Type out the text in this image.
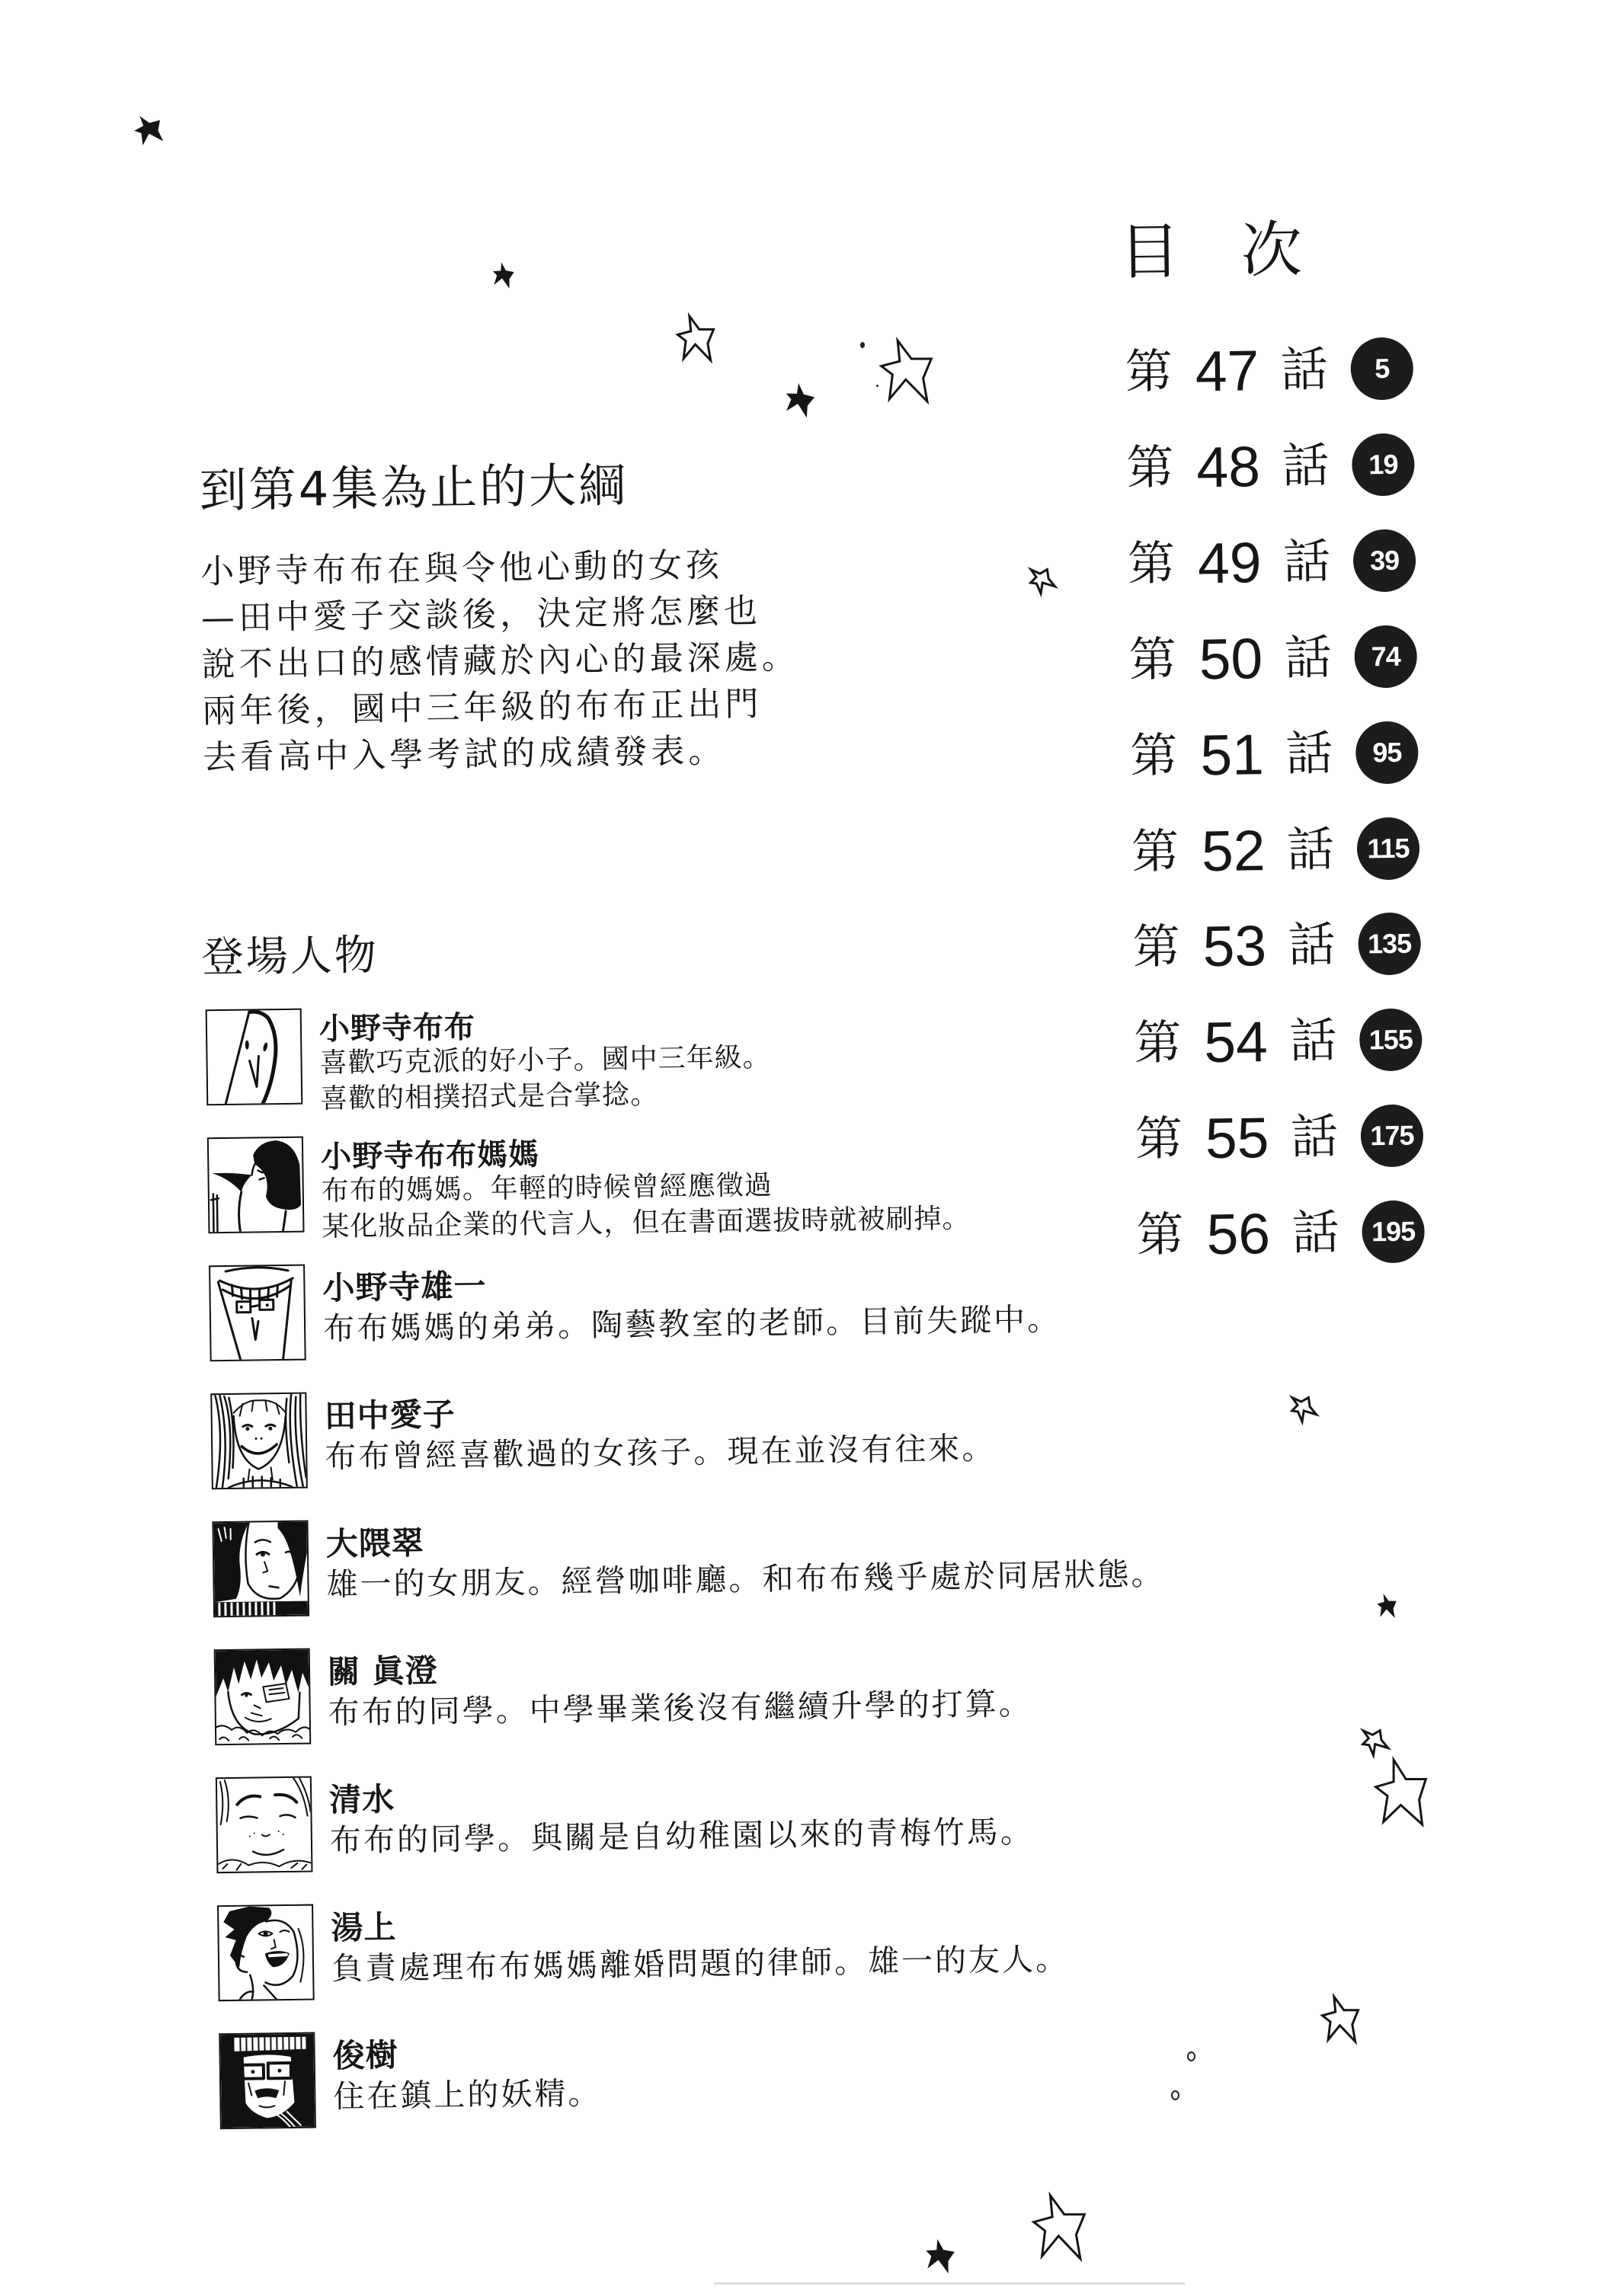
到第4集為止的大綱
小野寺布布在與令他心動的女孩
—田中愛子交談後，決定將怎麼也
說不出口的感情藏於內心的最深處。
兩年後，國中三年級的布布正出門
去看高中入學考試的成績發表。
登場人物
小野寺布布
喜歡巧克派的好小子。國中三年級。
喜歡的相撲招式是合掌捻。
小野寺布布媽媽
布布的媽媽。年輕的時候曾經應徵過
某化妝品企業的代言人，但在書面選拔時就被刷掉。
小野寺雄一
布布媽媽的弟弟。陶藝教室的老師。目前失蹤中。
田中愛子
布布曾經喜歡過的女孩子。現在並沒有往來。
大隈翠
雄一的女朋友。經營咖啡廳。和布布幾乎處於同居狀態。
關 眞澄
布布的同學。中學畢業後沒有繼續升學的打算。
清水
布布的同學。與關是自幼稚園以來的青梅竹馬。
湯上
負責處理布布媽媽離婚問題的律師。雄一的友人。
俊樹
住在鎮上的妖精。
目次
第 47 話	5
第 48 話	19
第 49 話	39
第 50 話	74
第 51 話	95
第 52 話	115
第 53 話	135
第 54 話	155
第 55 話	175
第 56 話	195
